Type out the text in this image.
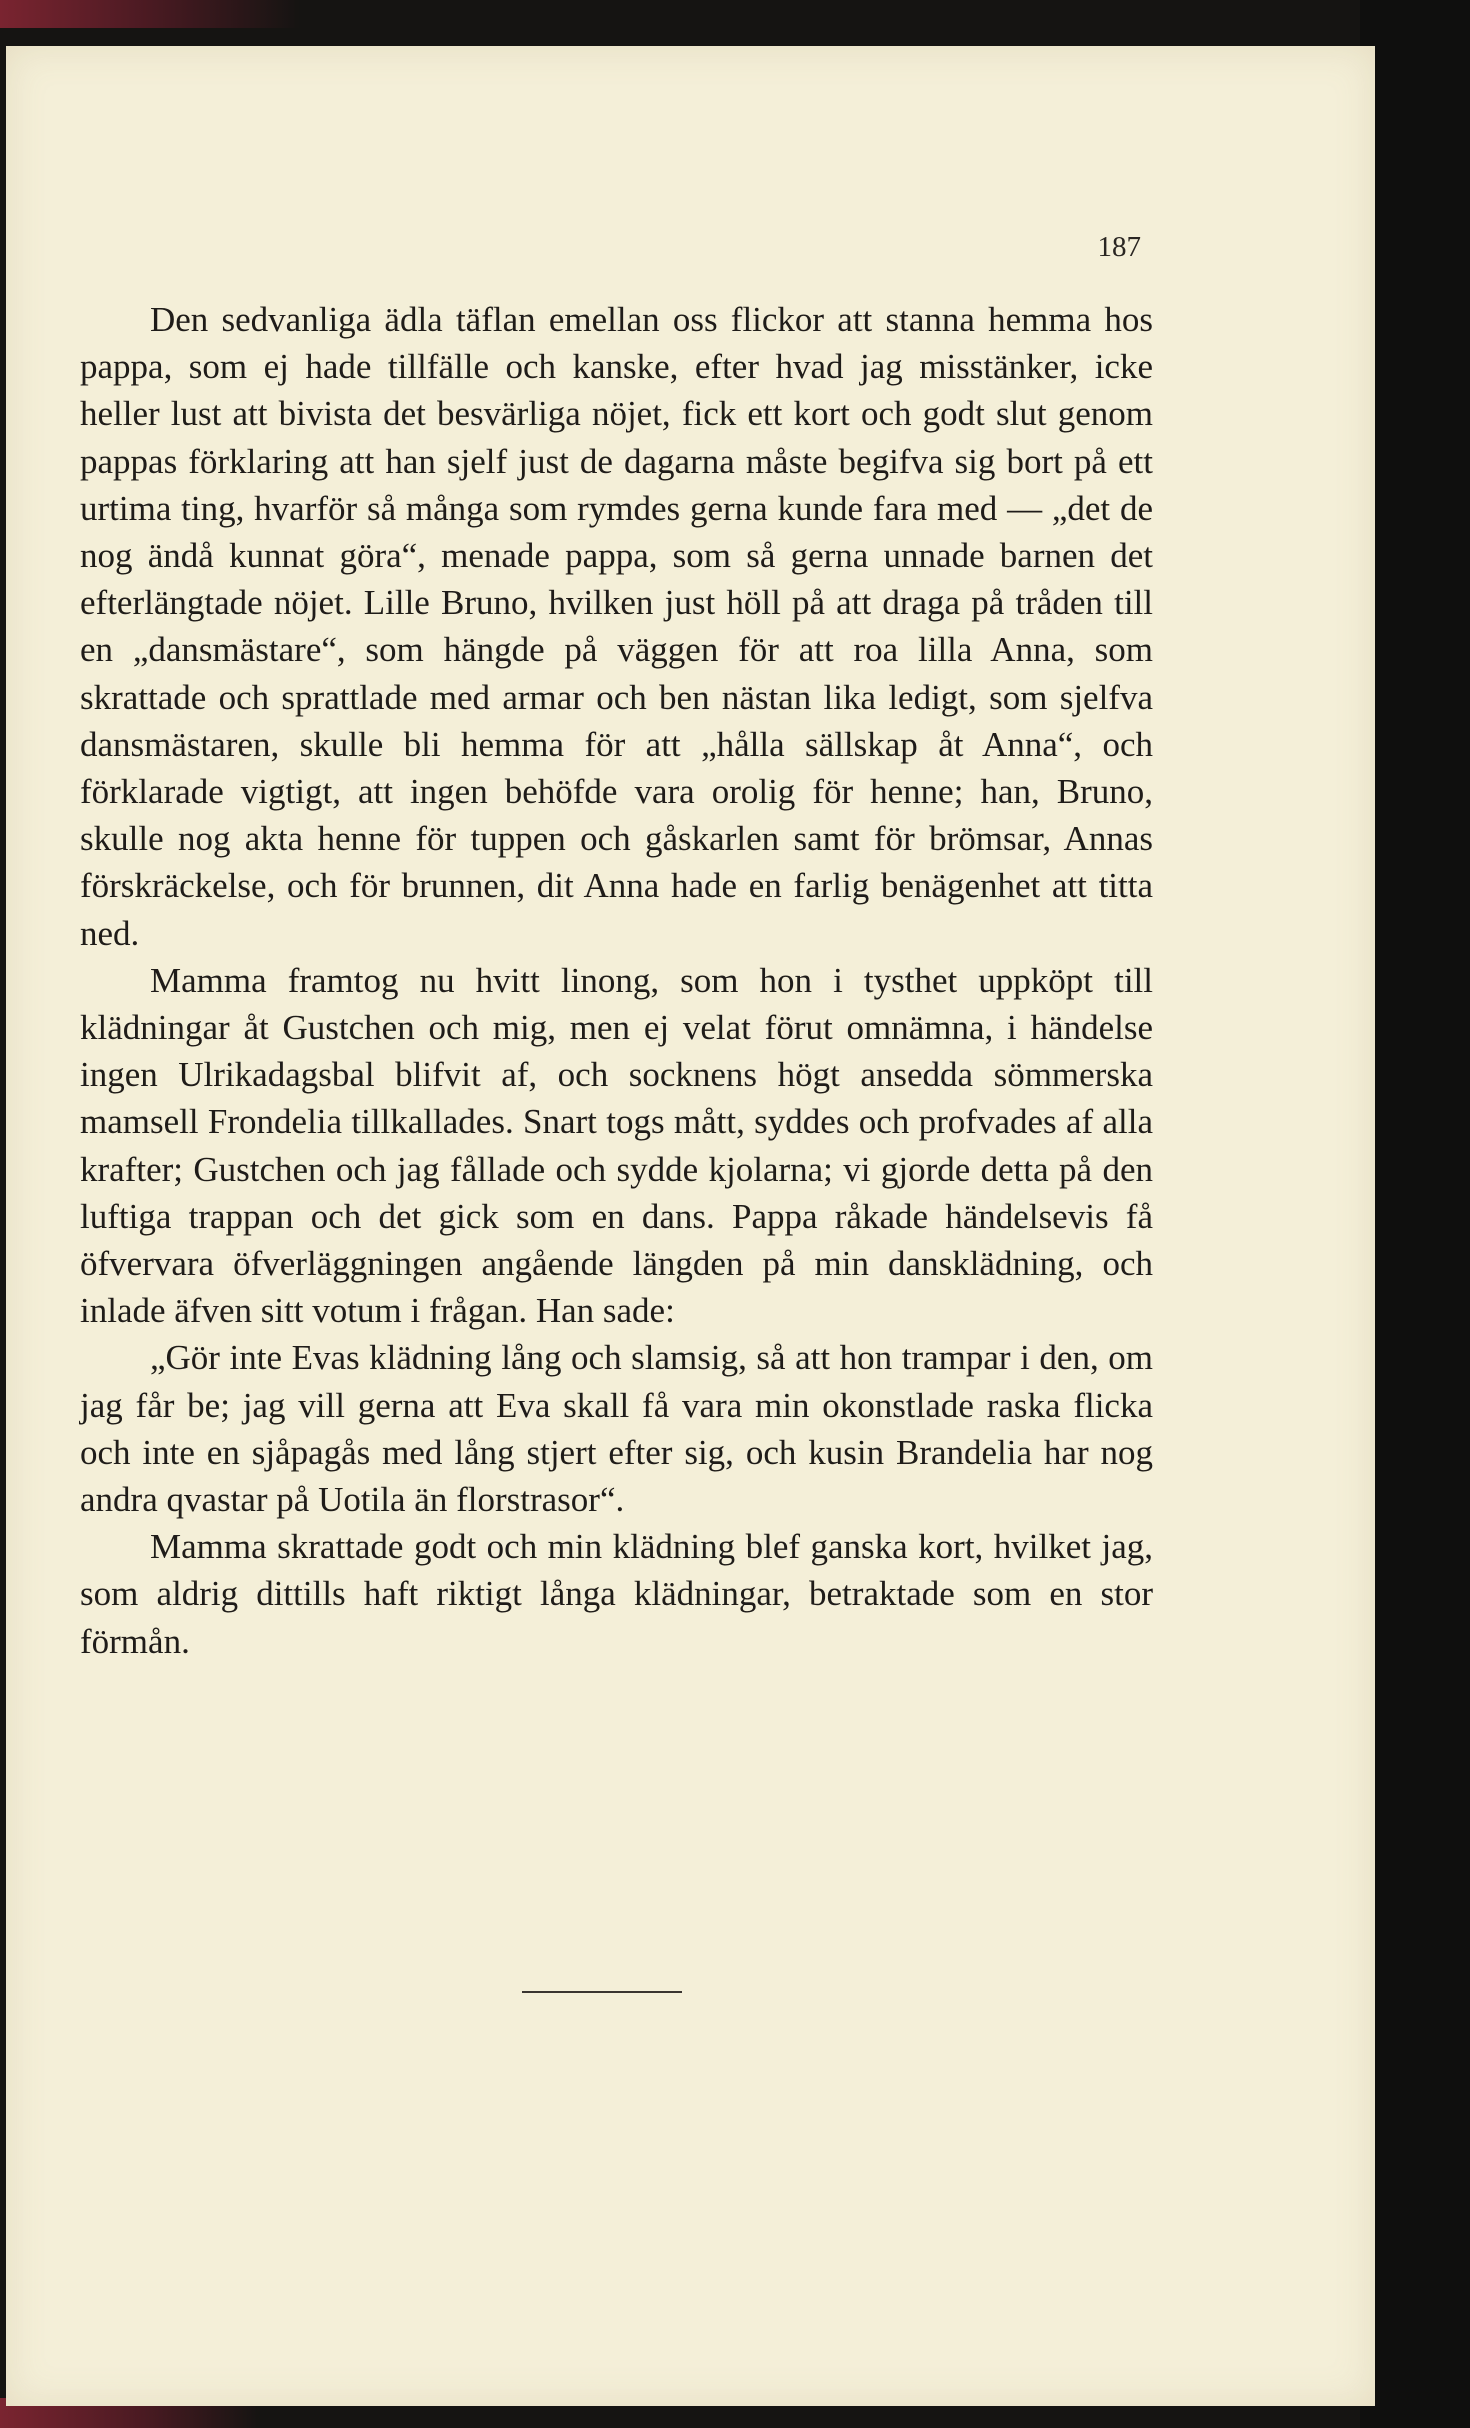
187

Den sedvanliga ädla täflan emellan oss flickor att stanna hemma hos pappa, som ej hade tillfälle och kanske, efter hvad jag misstänker, icke heller lust att bivista det besvärliga nöjet, fick ett kort och godt slut genom pappas förklaring att han sjelf just de dagarna måste begifva sig bort på ett urtima ting, hvarför så många som rymdes gerna kunde fara med — „det de nog ändå kunnat göra“, menade pappa, som så gerna unnade barnen det efterlängtade nöjet. Lille Bruno, hvilken just höll på att draga på tråden till en „dansmästare“, som hängde på väggen för att roa lilla Anna, som skrattade och sprattlade med armar och ben nästan lika ledigt, som sjelfva dansmästaren, skulle bli hemma för att „hålla sällskap åt Anna“, och förklarade vigtigt, att ingen behöfde vara orolig för henne; han, Bruno, skulle nog akta henne för tuppen och gåskarlen samt för brömsar, Annas förskräckelse, och för brunnen, dit Anna hade en farlig benägenhet att titta ned.

Mamma framtog nu hvitt linong, som hon i tysthet uppköpt till klädningar åt Gustchen och mig, men ej velat förut omnämna, i händelse ingen Ulrikadagsbal blifvit af, och socknens högt ansedda sömmerska mamsell Frondelia tillkallades. Snart togs mått, syddes och profvades af alla krafter; Gustchen och jag fållade och sydde kjolarna; vi gjorde detta på den luftiga trappan och det gick som en dans. Pappa råkade händelsevis få öfvervara öfverläggningen angående längden på min dansklädning, och inlade äfven sitt votum i frågan. Han sade:

„Gör inte Evas klädning lång och slamsig, så att hon trampar i den, om jag får be; jag vill gerna att Eva skall få vara min okonstlade raska flicka och inte en sjåpagås med lång stjert efter sig, och kusin Brandelia har nog andra qvastar på Uotila än florstrasor“.

Mamma skrattade godt och min klädning blef ganska kort, hvilket jag, som aldrig dittills haft riktigt långa klädningar, betraktade som en stor förmån.
